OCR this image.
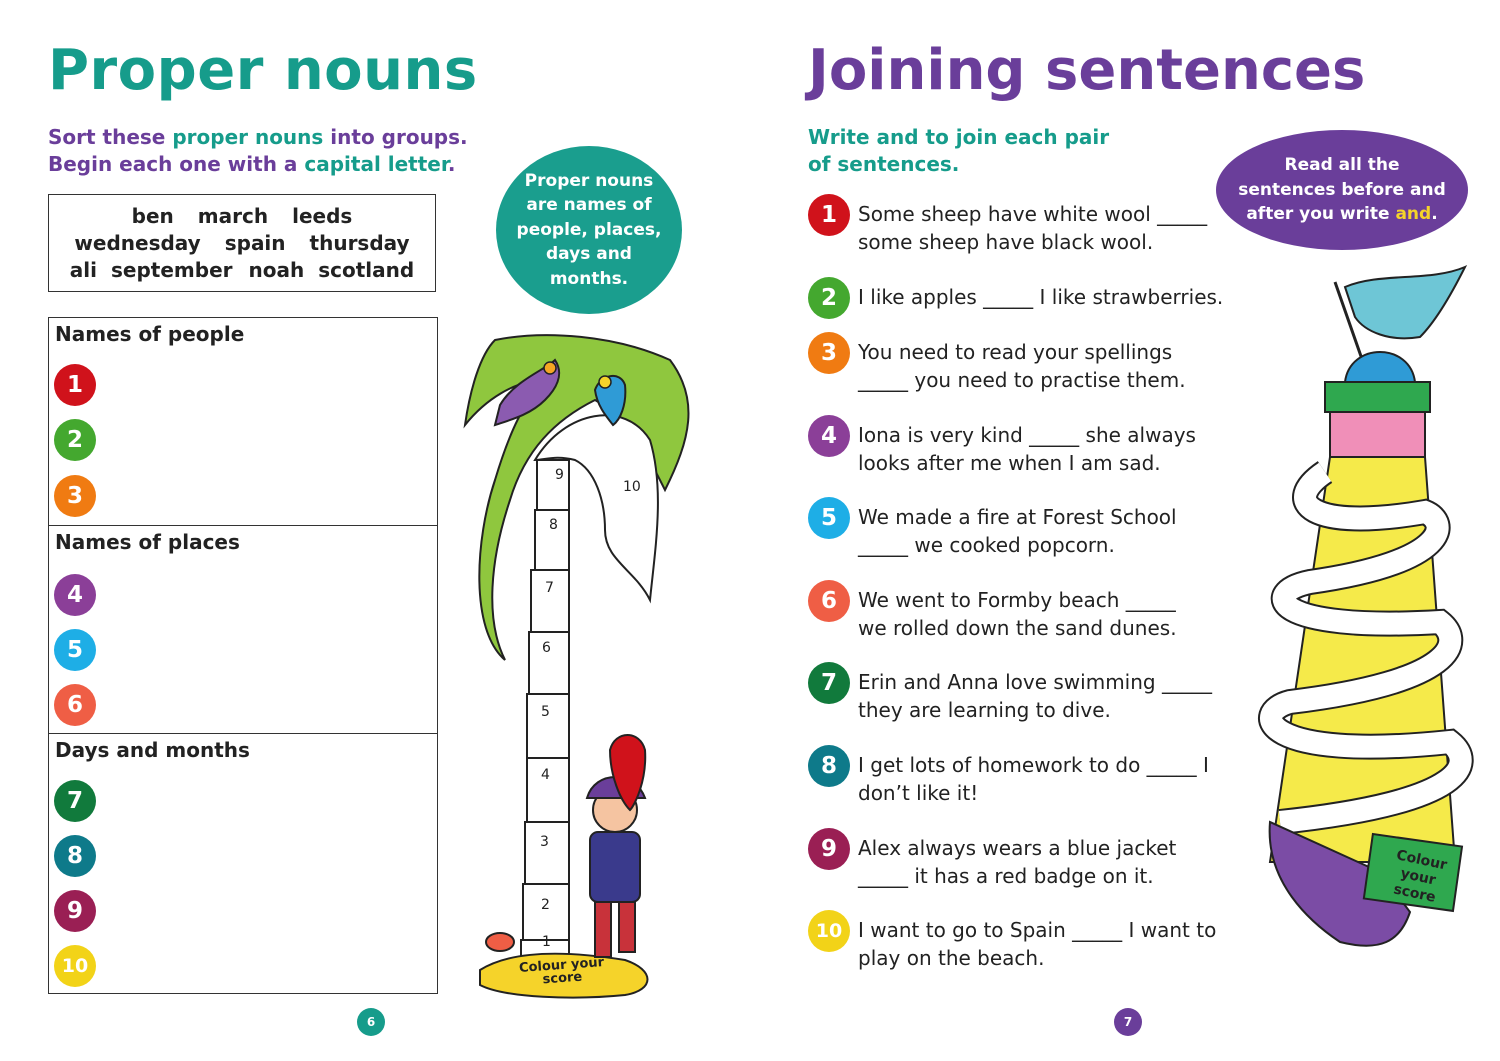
Proper nouns
Sort these proper nouns into groups.
Begin each one with a capital letter.
ben march leeds
wednesday spain thursday
ali september noah scotland
Proper nouns are names of people, places, days and months.
Names of people
1
2
3
Names of places
4
5
6
Days and months
7
8
9
10
9
10
8
7
6
5
4
3
2
1
Colour your score
6
Joining sentences
Write and to join each pair of sentences.	Read all the sentences before and after you write and.
1 Some sheep have white wool _____ some sheep have black wool.
2 I like apples _____ I like strawberries.
3 You need to read your spellings _____ you need to practise them.
4 Iona is very kind _____ she always looks after me when I am sad.
5 We made a fire at Forest School _____ we cooked popcorn.
6 We went to Formby beach _____ we rolled down the sand dunes.
7 Erin and Anna love swimming _____ they are learning to dive.
8 I get lots of homework to do _____ I don’t like it!
9 Alex always wears a blue jacket _____ it has a red badge on it.
10 I want to go to Spain _____ I want to play on the beach.
Colour your score
7
